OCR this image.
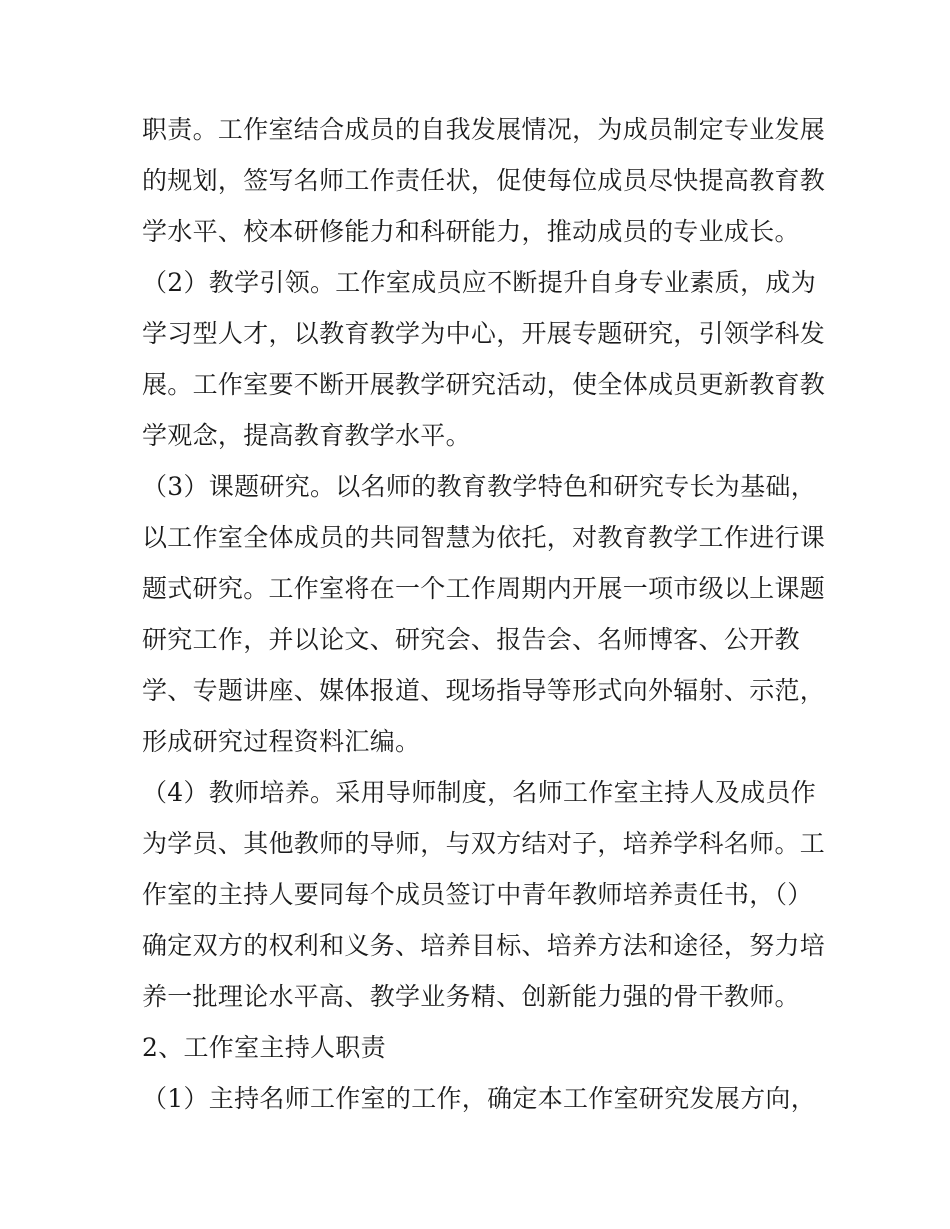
职责。工作室结合成员的自我发展情况，为成员制定专业发展
的规划，签写名师工作责任状，促使每位成员尽快提高教育教
学水平、校本研修能力和科研能力，推动成员的专业成长。
（2）教学引领。工作室成员应不断提升自身专业素质，成为
学习型人才，以教育教学为中心，开展专题研究，引领学科发
展。工作室要不断开展教学研究活动，使全体成员更新教育教
学观念，提高教育教学水平。
（3）课题研究。以名师的教育教学特色和研究专长为基础，
以工作室全体成员的共同智慧为依托，对教育教学工作进行课
题式研究。工作室将在一个工作周期内开展一项市级以上课题
研究工作，并以论文、研究会、报告会、名师博客、公开教
学、专题讲座、媒体报道、现场指导等形式向外辐射、示范，
形成研究过程资料汇编。
（4）教师培养。采用导师制度，名师工作室主持人及成员作
为学员、其他教师的导师，与双方结对子，培养学科名师。工
作室的主持人要同每个成员签订中青年教师培养责任书，（）
确定双方的权利和义务、培养目标、培养方法和途径，努力培
养一批理论水平高、教学业务精、创新能力强的骨干教师。
2、工作室主持人职责
（1）主持名师工作室的工作，确定本工作室研究发展方向，
